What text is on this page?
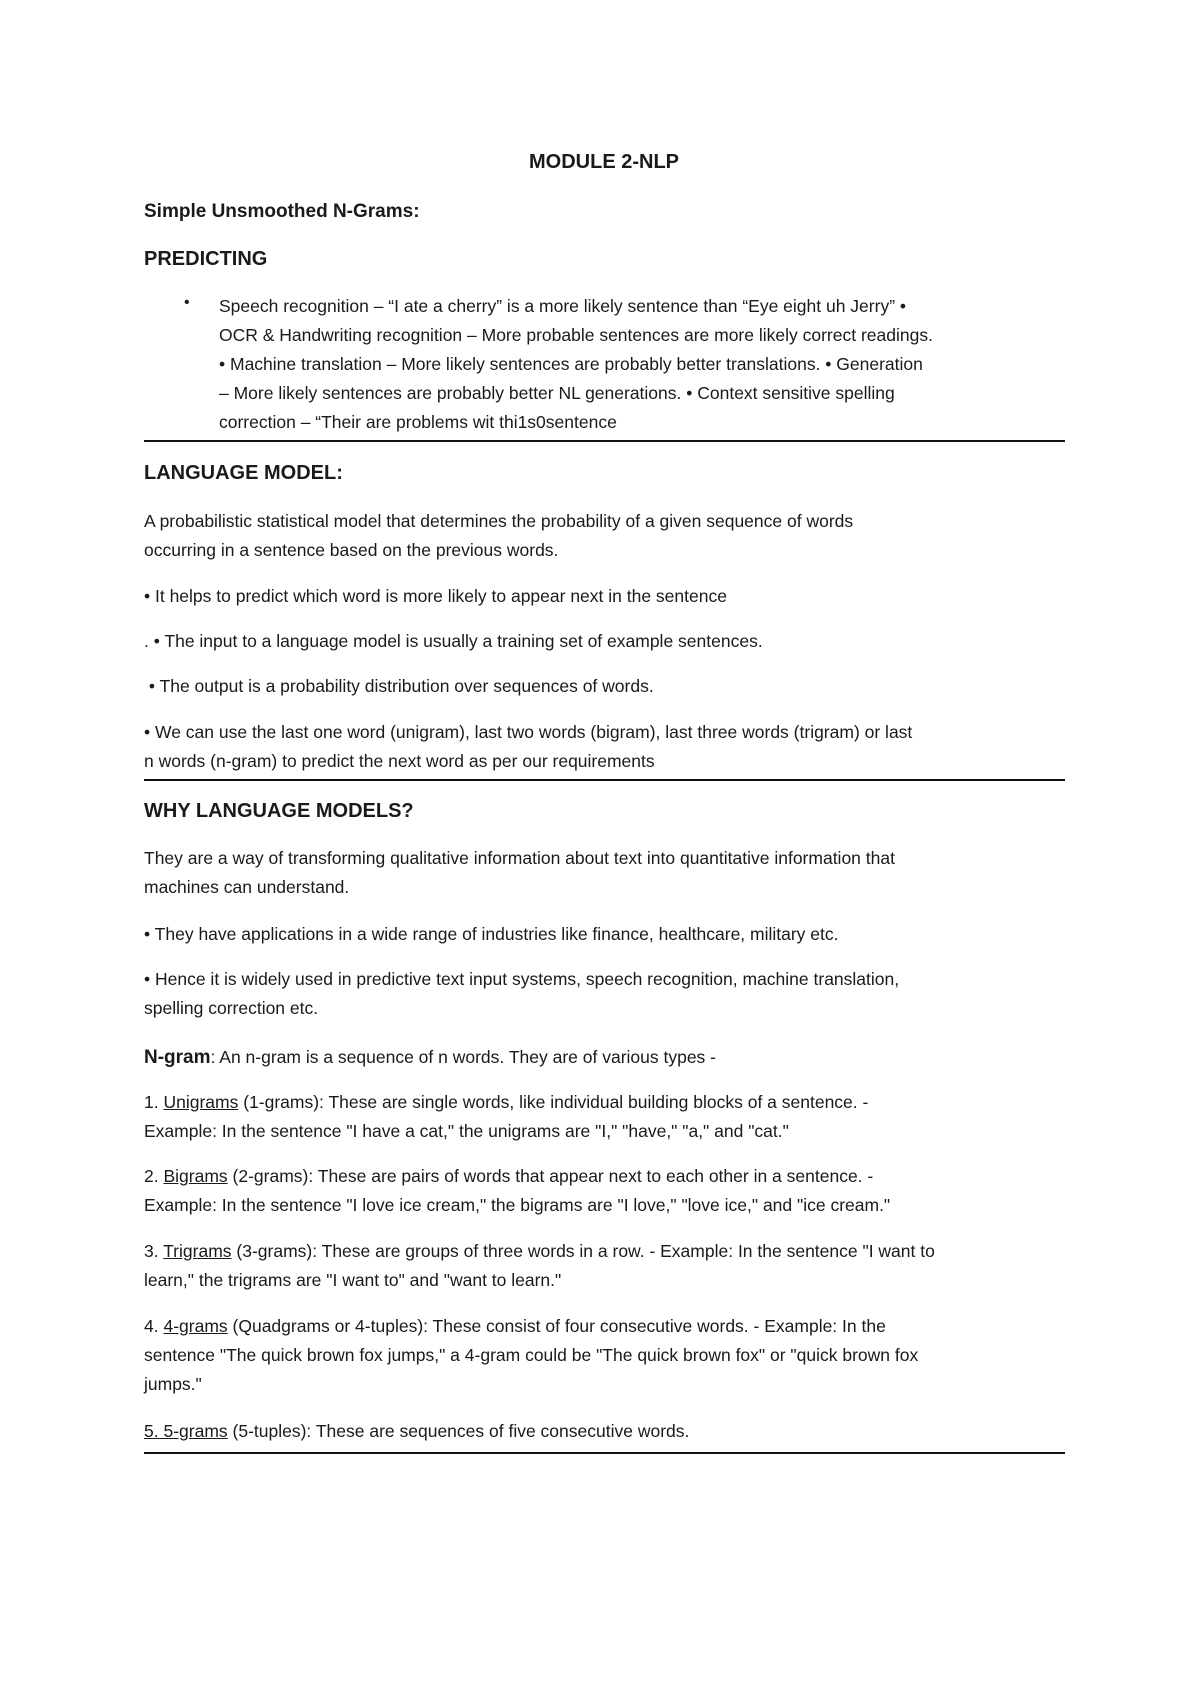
MODULE 2-NLP
Simple Unsmoothed N-Grams:
PREDICTING
• Speech recognition – “I ate a cherry” is a more likely sentence than “Eye eight uh Jerry” •
OCR & Handwriting recognition – More probable sentences are more likely correct readings.
• Machine translation – More likely sentences are probably better translations. • Generation
– More likely sentences are probably better NL generations. • Context sensitive spelling
correction – “Their are problems wit thi1s0sentence
LANGUAGE MODEL:
A probabilistic statistical model that determines the probability of a given sequence of words
occurring in a sentence based on the previous words.
• It helps to predict which word is more likely to appear next in the sentence
. • The input to a language model is usually a training set of example sentences.
• The output is a probability distribution over sequences of words.
• We can use the last one word (unigram), last two words (bigram), last three words (trigram) or last
n words (n-gram) to predict the next word as per our requirements
WHY LANGUAGE MODELS?
They are a way of transforming qualitative information about text into quantitative information that
machines can understand.
• They have applications in a wide range of industries like finance, healthcare, military etc.
• Hence it is widely used in predictive text input systems, speech recognition, machine translation,
spelling correction etc.
N-gram: An n-gram is a sequence of n words. They are of various types -
1. Unigrams (1-grams): These are single words, like individual building blocks of a sentence. -
Example: In the sentence "I have a cat," the unigrams are "I," "have," "a," and "cat."
2. Bigrams (2-grams): These are pairs of words that appear next to each other in a sentence. -
Example: In the sentence "I love ice cream," the bigrams are "I love," "love ice," and "ice cream."
3. Trigrams (3-grams): These are groups of three words in a row. - Example: In the sentence "I want to
learn," the trigrams are "I want to" and "want to learn."
4. 4-grams (Quadgrams or 4-tuples): These consist of four consecutive words. - Example: In the
sentence "The quick brown fox jumps," a 4-gram could be "The quick brown fox" or "quick brown fox
jumps."
5. 5-grams (5-tuples): These are sequences of five consecutive words.
